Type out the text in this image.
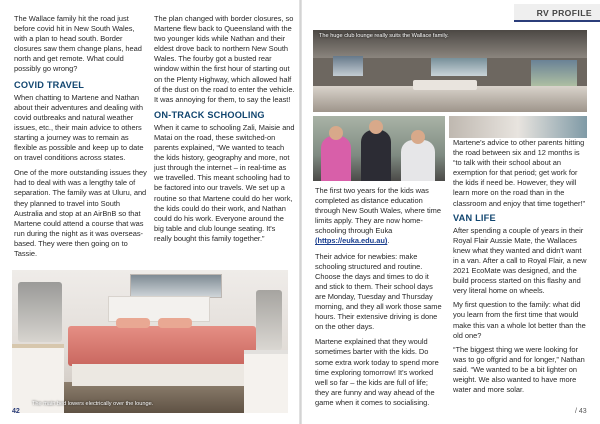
RV PROFILE

The Wallace family hit the road just before covid hit in New South Wales, with a plan to head south. Border closures saw them change plans, head north and get remote. What could possibly go wrong?

COVID TRAVEL

When chatting to Martene and Nathan about their adventures and dealing with covid outbreaks and natural weather issues, etc., their main advice to others starting a journey was to remain as flexible as possible and keep up to date on travel conditions across states.

One of the more outstanding issues they had to deal with was a lengthy tale of separation. The family was at Uluru, and they planned to travel into South Australia and stop at an AirBnB so that Martene could attend a course that was run during the night as it was overseas-based. They were then going on to Tassie.

The plan changed with border closures, so Martene flew back to Queensland with the two younger kids while Nathan and their eldest drove back to northern New South Wales. The fourby got a busted rear window within the first hour of starting out on the Plenty Highway, which allowed half of the dust on the road to enter the vehicle. It was annoying for them, to say the least!

ON-TRACK SCHOOLING

When it came to schooling Zali, Maisie and Matai on the road, these switched-on parents explained, “We wanted to teach the kids history, geography and more, not just through the internet – in real-time as we travelled. This meant schooling had to be factored into our travels. We set up a routine so that Martene could do her work, the kids could do their work, and Nathan could do his work. Everyone around the big table and club lounge seating. It's really bought this family together.”

The main bed lowers electrically over the lounge.
The huge club lounge really suits the Wallace family.

The first two years for the kids was completed as distance education through New South Wales, where time limits apply. They are now home-schooling through Euka (https://euka.edu.au).

Their advice for newbies: make schooling structured and routine. Choose the days and times to do it and stick to them. Their school days are Monday, Tuesday and Thursday morning, and they all work those same hours. Their extensive driving is done on the other days.

Martene explained that they would sometimes barter with the kids. Do some extra work today to spend more time exploring tomorrow! It's worked well so far – the kids are full of life; they are funny and way ahead of the game when it comes to socialising.

Martene's advice to other parents hitting the road between six and 12 months is “to talk with their school about an exemption for that period; get work for the kids if need be. However, they will learn more on the road than in the classroom and enjoy that time together!”

VAN LIFE

After spending a couple of years in their Royal Flair Aussie Mate, the Wallaces knew what they wanted and didn't want in a van. After a call to Royal Flair, a new 2021 EcoMate was designed, and the build process started on this flashy and very literal home on wheels.

My first question to the family: what did you learn from the first time that would make this van a whole lot better than the old one?

“The biggest thing we were looking for was to go offgrid and for longer,” Nathan said. “We wanted to be a bit lighter on weight. We also wanted to have more water and more solar.

42	/ 43
